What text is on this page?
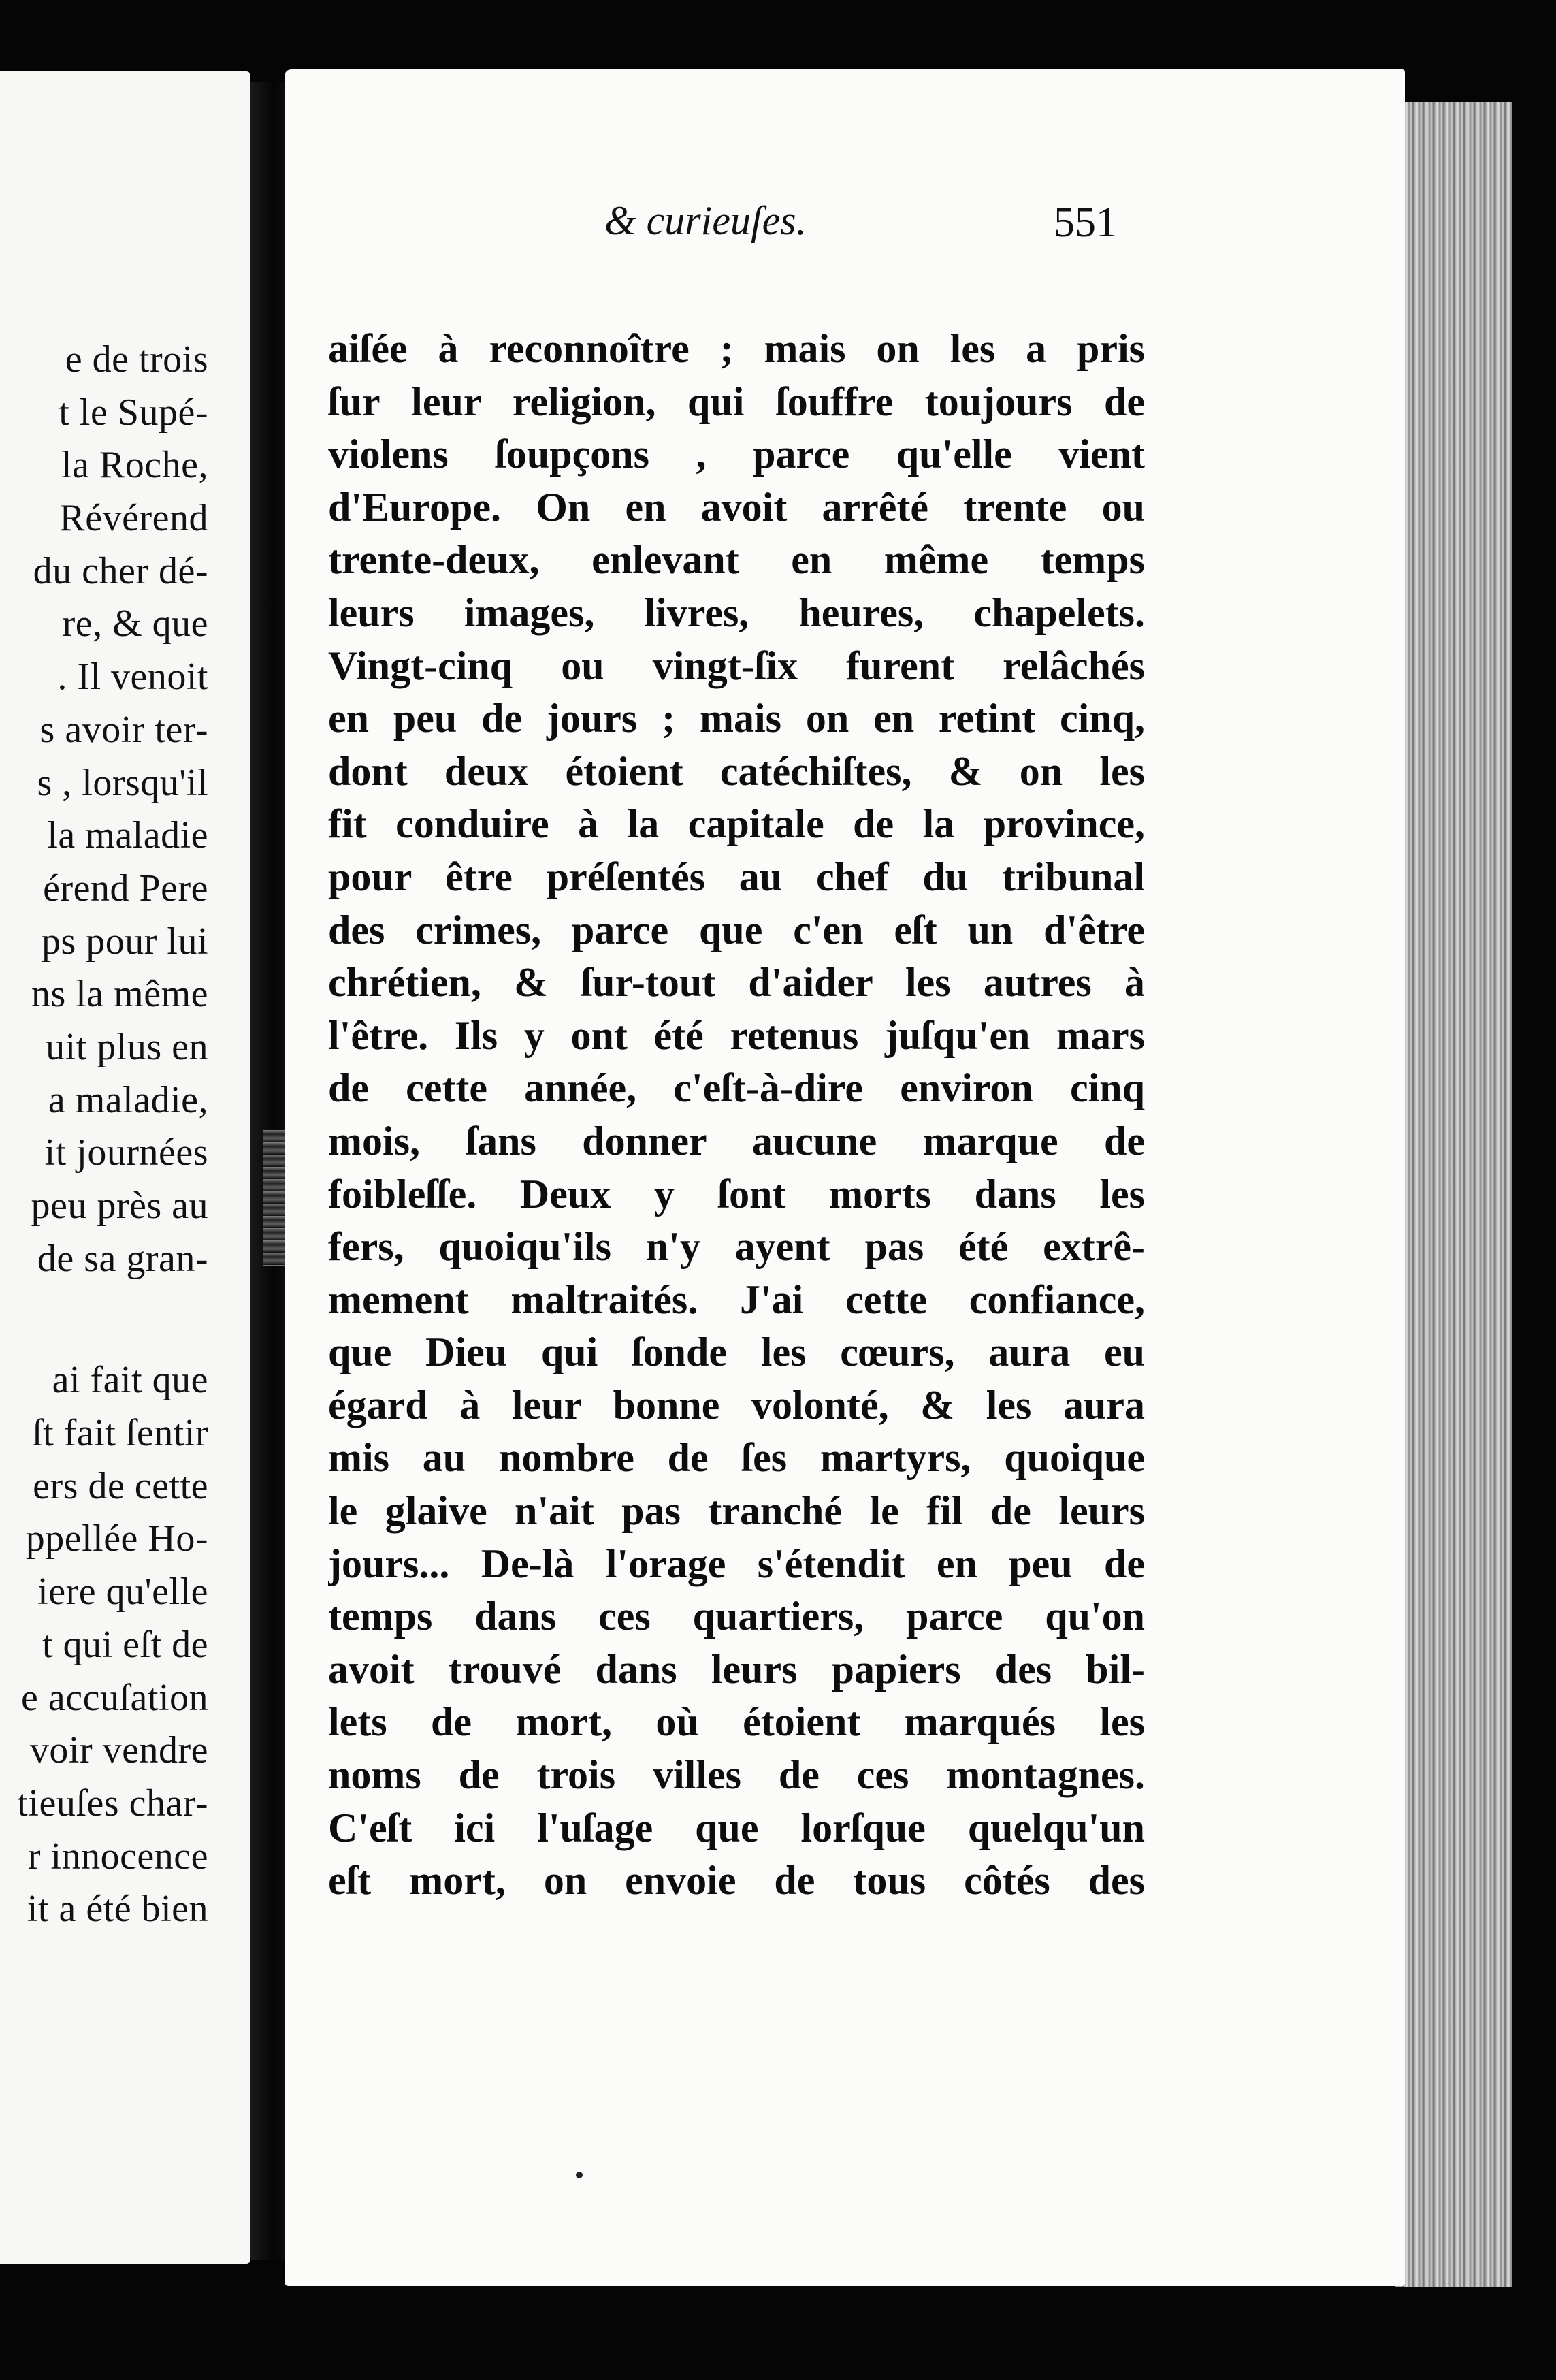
e de trois
t le Supé-
la Roche,
Révérend
du cher dé-
re, & que
. Il venoit
s avoir ter-
s , lorsqu'il
la maladie
érend Pere
ps pour lui
ns la même
uit plus en
a maladie,
it journées
peu près au
de sa gran-
ai fait que
ſt fait ſentir
ers de cette
ppellée Ho-
iere qu'elle
t qui eſt de
e accuſation
voir vendre
tieuſes char-
r innocence
it a été bien
& curieuſes.	551
aiſée à reconnoître ; mais on les a pris
ſur leur religion, qui ſouffre toujours de
violens ſoupçons , parce qu'elle vient
d'Europe. On en avoit arrêté trente ou
trente-deux, enlevant en même temps
leurs images, livres, heures, chapelets.
Vingt-cinq ou vingt-ſix furent relâchés
en peu de jours ; mais on en retint cinq,
dont deux étoient catéchiſtes, & on les
fit conduire à la capitale de la province,
pour être préſentés au chef du tribunal
des crimes, parce que c'en eſt un d'être
chrétien, & ſur-tout d'aider les autres à
l'être. Ils y ont été retenus juſqu'en mars
de cette année, c'eſt-à-dire environ cinq
mois, ſans donner aucune marque de
foibleſſe. Deux y ſont morts dans les
fers, quoiqu'ils n'y ayent pas été extrê-
mement maltraités. J'ai cette confiance,
que Dieu qui ſonde les cœurs, aura eu
égard à leur bonne volonté, & les aura
mis au nombre de ſes martyrs, quoique
le glaive n'ait pas tranché le fil de leurs
jours... De-là l'orage s'étendit en peu de
temps dans ces quartiers, parce qu'on
avoit trouvé dans leurs papiers des bil-
lets de mort, où étoient marqués les
noms de trois villes de ces montagnes.
C'eſt ici l'uſage que lorſque quelqu'un
eſt mort, on envoie de tous côtés des
